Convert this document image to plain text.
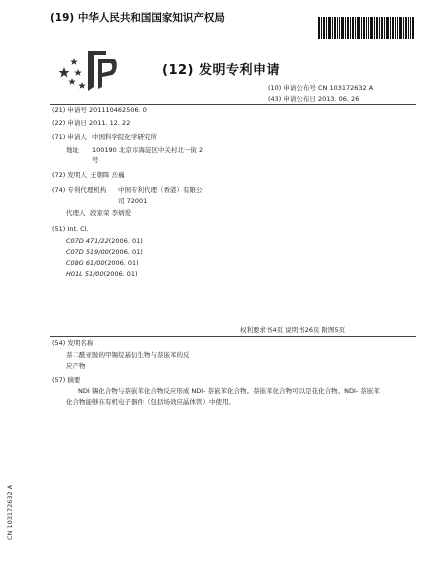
(19) 中华人民共和国国家知识产权局
(12) 发明专利申请
(10) 申请公布号 CN 103172632 A
(43) 申请公布日 2013. 06. 26
(21) 申请号 201110462506. 0
(22) 申请日 2011. 12. 22
(71) 申请人 中国科学院化学研究所
地址 100190 北京市海淀区中关村北一街 2
号
(72) 发明人 王朝晖 岳巍
(74) 专利代理机构 中国专利代理（香港）有限公
司 72001
代理人 段家荣 李炳爱
(51) Int. Cl.
C07D 471/22(2006. 01)
C07D 519/00(2006. 01)
C08G 61/00(2006. 01)
H01L 51/00(2006. 01)
权利要求书4页 说明书26页 附图5页
(54) 发明名称
萘二酰亚胺的甲锡烷基衍生物与萘嵌苯的反
应产物
(57) 摘要
NDI 锡化合物与萘嵌苯化合物反应形成 NDI- 萘嵌苯化合物。萘嵌苯化合物可以是花化合物。NDI- 萘嵌苯化合物能够在有机电子器件（包括场效应晶体管）中使用。
CN 103172632 A
